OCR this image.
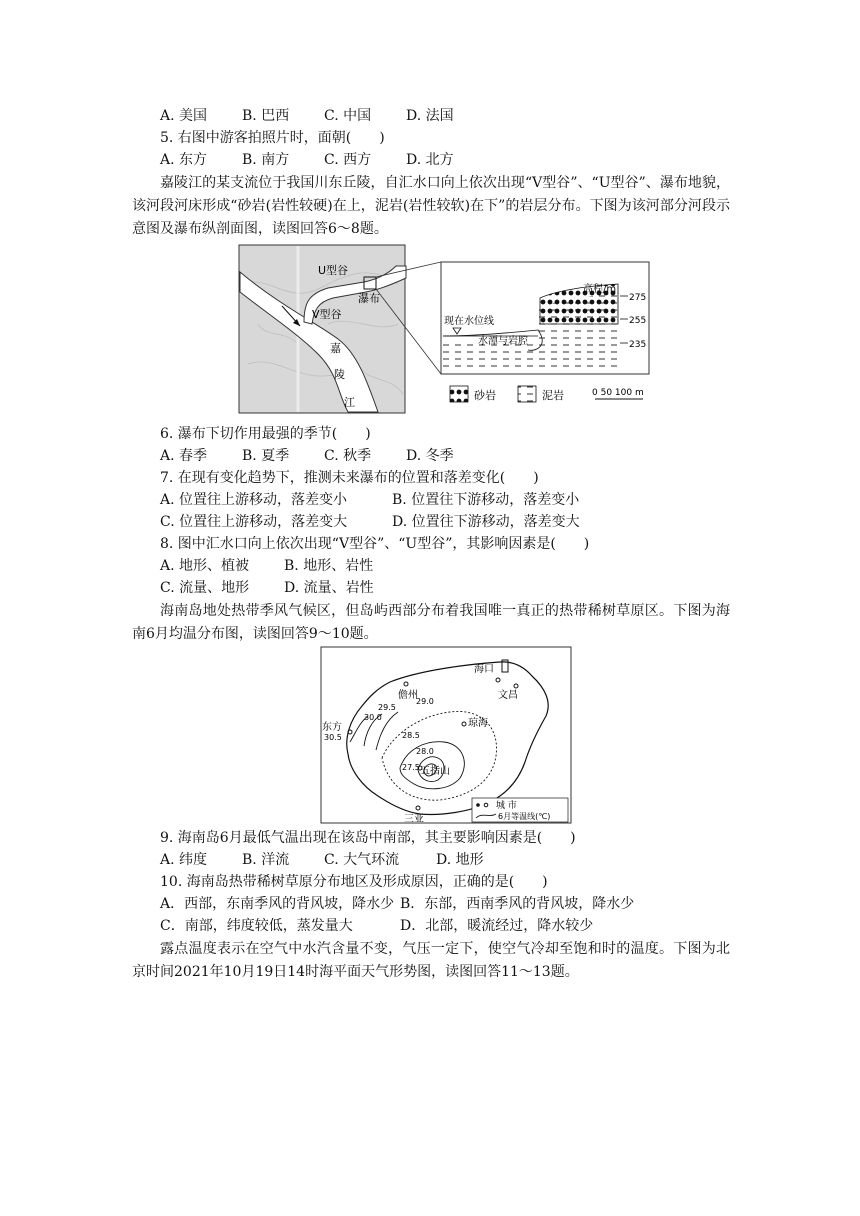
A. 美国 B. 巴西 C. 中国 D. 法国
5. 右图中游客拍照片时，面朝(　　)
A. 东方 B. 南方 C. 西方 D. 北方
嘉陵江的某支流位于我国川东丘陵，自汇水口向上依次出现“V型谷”、“U型谷”、瀑布地貌，该河段河床形成“砂岩(岩性较硬)在上，泥岩(岩性较软)在下”的岩层分布。下图为该河部分河段示意图及瀑布纵剖面图，读图回答6～8题。
U型谷
V型谷
瀑布
嘉
陵
江
现在水位线
水潭与岩腔
高程/m
275
255
235
砂岩	泥岩	0 50 100 m
6. 瀑布下切作用最强的季节(　　)
A. 春季 B. 夏季 C. 秋季 D. 冬季
7. 在现有变化趋势下，推测未来瀑布的位置和落差变化(　　)
A. 位置往上游移动，落差变小	B. 位置往下游移动，落差变小
C. 位置往上游移动，落差变大	D. 位置往下游移动，落差变大
8. 图中汇水口向上依次出现“V型谷”、“U型谷”，其影响因素是(　　)
A. 地形、植被 B. 地形、岩性
C. 流量、地形 D. 流量、岩性
海南岛地处热带季风气候区，但岛屿西部分布着我国唯一真正的热带稀树草原区。下图为海南6月均温分布图，读图回答9～10题。
30.5
30.0
29.5
29.0
28.5
28.0
27.5
海口
文昌
儋州
琼海
东方
五指山
三亚
城 市
6月等温线(℃)
9. 海南岛6月最低气温出现在该岛中南部，其主要影响因素是(　　)
A. 纬度 B. 洋流 C. 大气环流	D. 地形
10. 海南岛热带稀树草原分布地区及形成原因，正确的是(　　)
A．西部，东南季风的背风坡，降水少 B．东部，西南季风的背风坡，降水少
C．南部，纬度较低，蒸发量大	D．北部，暖流经过，降水较少
露点温度表示在空气中水汽含量不变，气压一定下，使空气冷却至饱和时的温度。下图为北京时间2021年10月19日14时海平面天气形势图，读图回答11～13题。
